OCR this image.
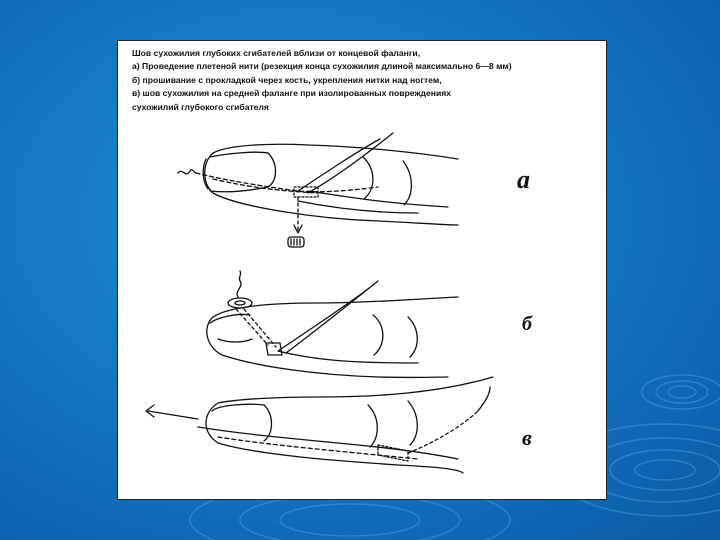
Шов сухожилия глубоких сгибателей вблизи от концевой фаланги,
а) Проведение плетеной нити (резекция конца сухожилия длиной максимально 6—8 мм)
б) прошивание с прокладкой через кость, укрепления нитки над ногтем,
в) шов сухожилия на средней фаланге при изолированных повреждениях
сухожилий глубокого сгибателя
а
б
в
